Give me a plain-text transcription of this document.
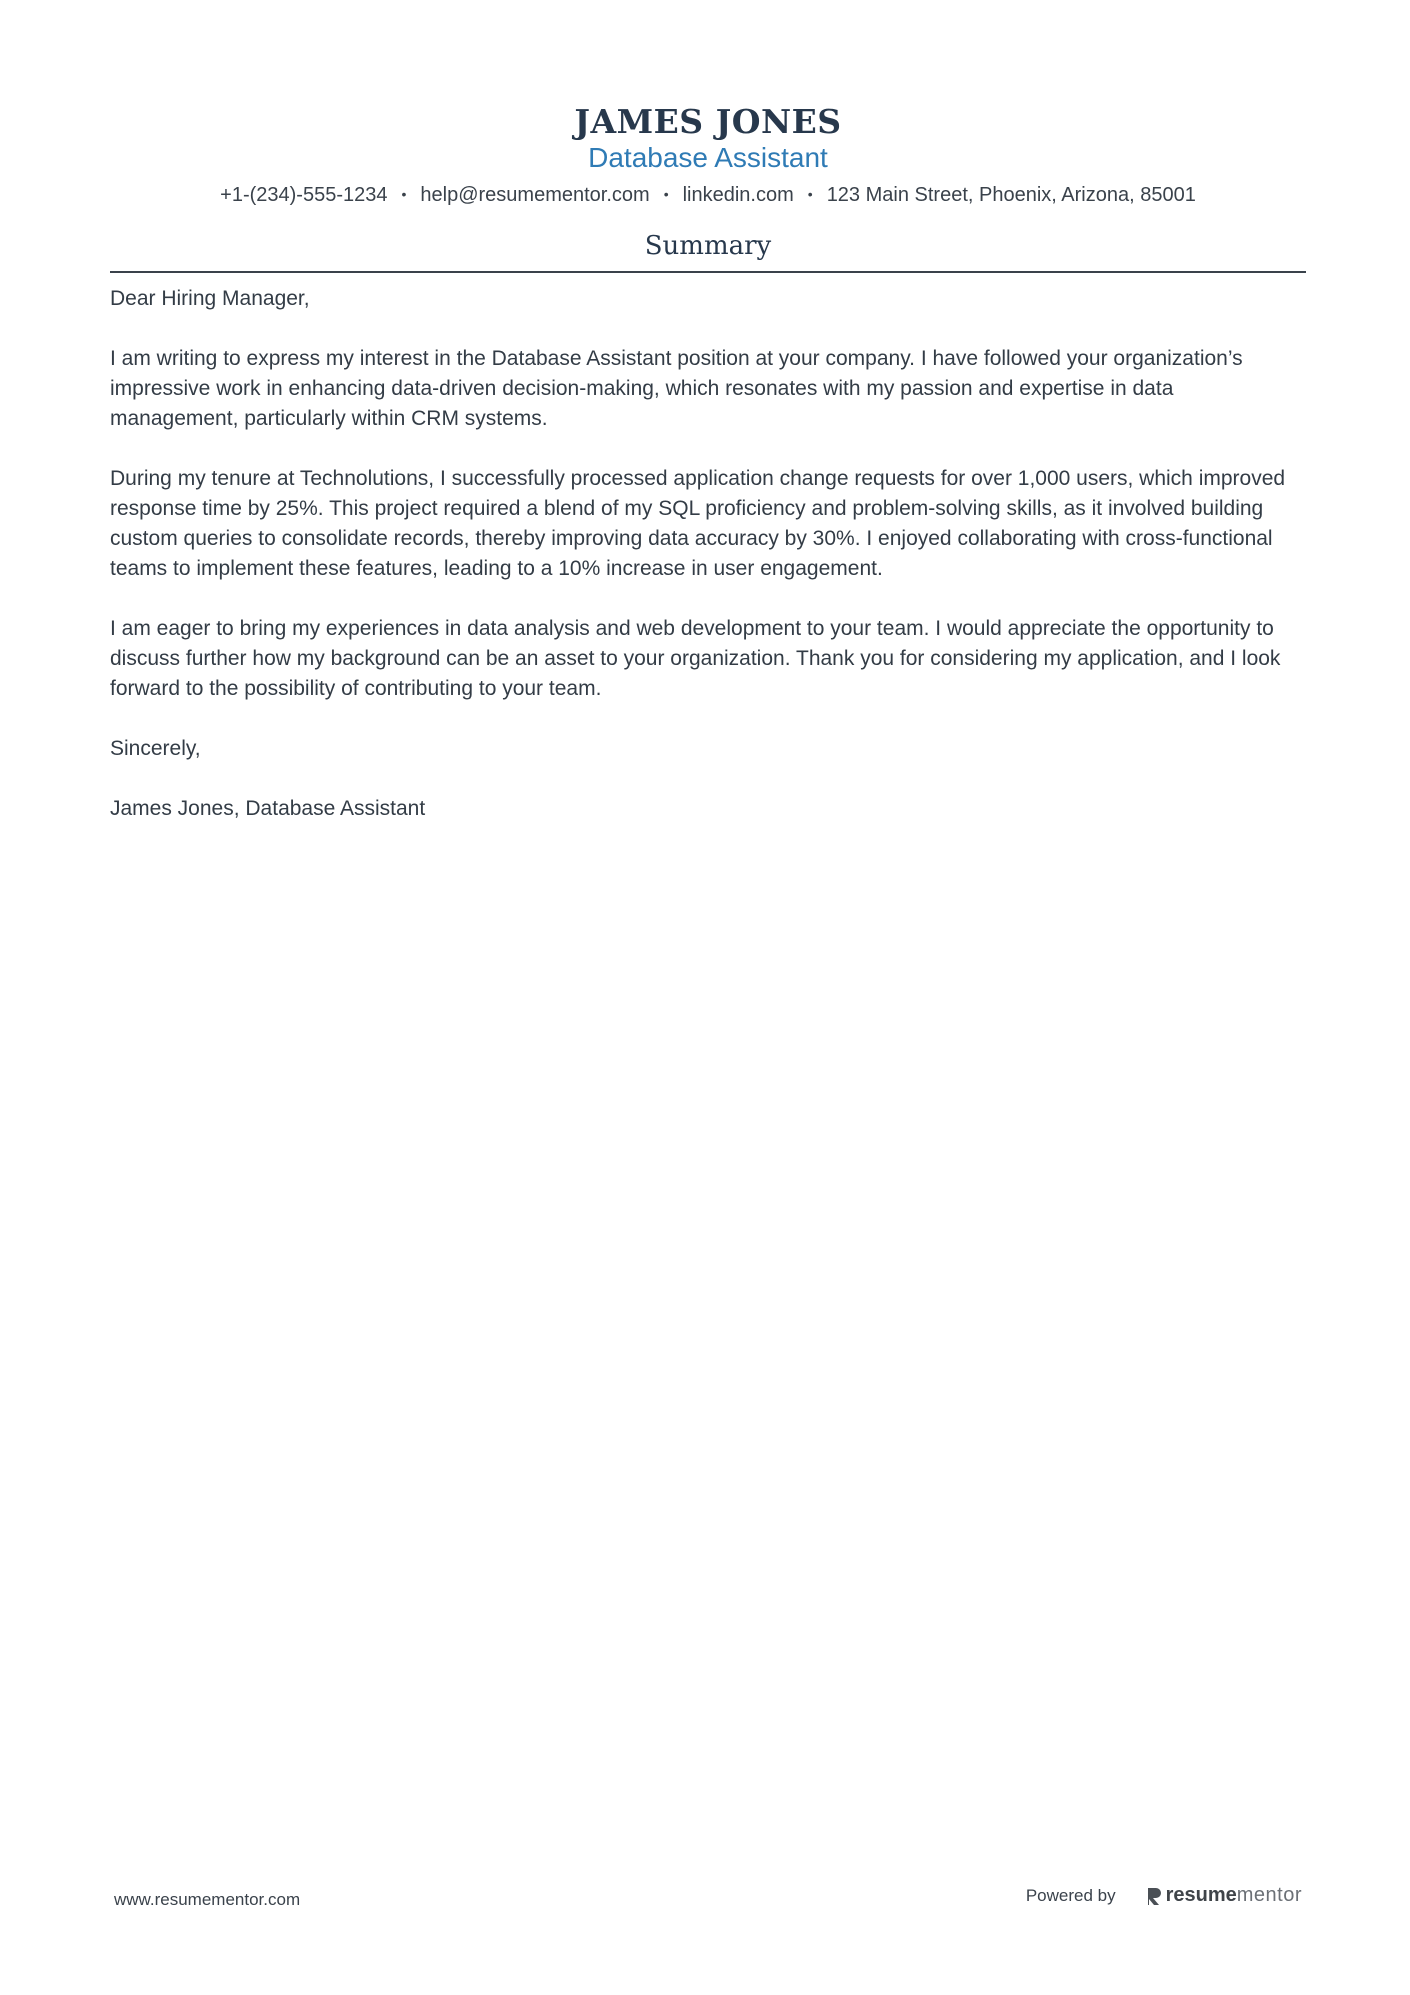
JAMES JONES
Database Assistant
+1-(234)-555-1234 • help@resumementor.com • linkedin.com • 123 Main Street, Phoenix, Arizona, 85001
Summary

Dear Hiring Manager,

I am writing to express my interest in the Database Assistant position at your company. I have followed your organization’s impressive work in enhancing data-driven decision-making, which resonates with my passion and expertise in data management, particularly within CRM systems.

During my tenure at Technolutions, I successfully processed application change requests for over 1,000 users, which improved response time by 25%. This project required a blend of my SQL proficiency and problem-solving skills, as it involved building custom queries to consolidate records, thereby improving data accuracy by 30%. I enjoyed collaborating with cross-functional teams to implement these features, leading to a 10% increase in user engagement.

I am eager to bring my experiences in data analysis and web development to your team. I would appreciate the opportunity to discuss further how my background can be an asset to your organization. Thank you for considering my application, and I look forward to the possibility of contributing to your team.

Sincerely,

James Jones, Database Assistant

www.resumementor.com	Powered by	resume mentor
